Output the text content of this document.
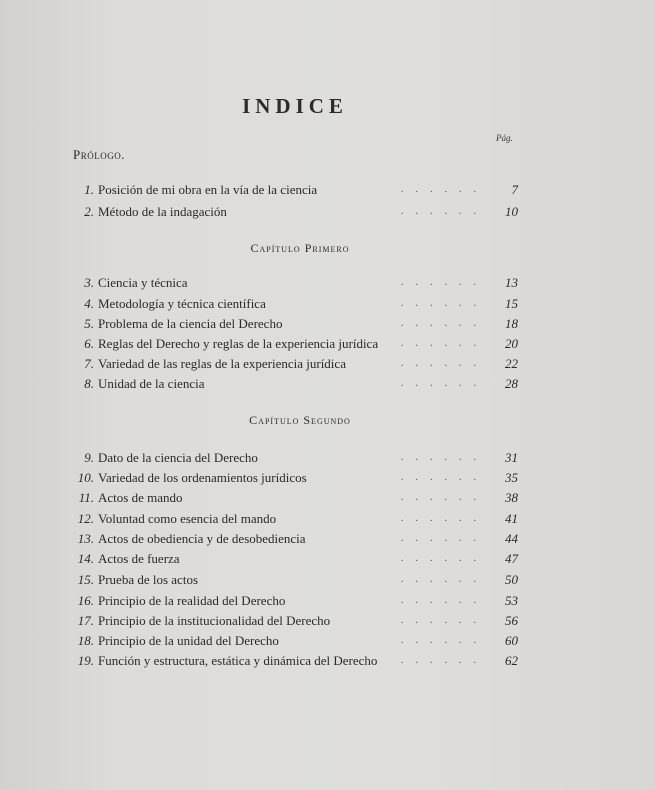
INDICE
Pág.
Prólogo.
1. Posición de mi obra en la vía de la ciencia	......	7
2. Método de la indagación	......	10
Capítulo Primero
3. Ciencia y técnica	......	13
4. Metodología y técnica científica	......	15
5. Problema de la ciencia del Derecho	......	18
6. Reglas del Derecho y reglas de la experiencia jurídica	......	20
7. Variedad de las reglas de la experiencia jurídica	......	22
8. Unidad de la ciencia	......	28
Capítulo Segundo
9. Dato de la ciencia del Derecho	......	31
10. Variedad de los ordenamientos jurídicos	......	35
11. Actos de mando	......	38
12. Voluntad como esencia del mando	......	41
13. Actos de obediencia y de desobediencia	......	44
14. Actos de fuerza	......	47
15. Prueba de los actos	......	50
16. Principio de la realidad del Derecho	......	53
17. Principio de la institucionalidad del Derecho	......	56
18. Principio de la unidad del Derecho	......	60
19. Función y estructura, estática y dinámica del Derecho	......	62
